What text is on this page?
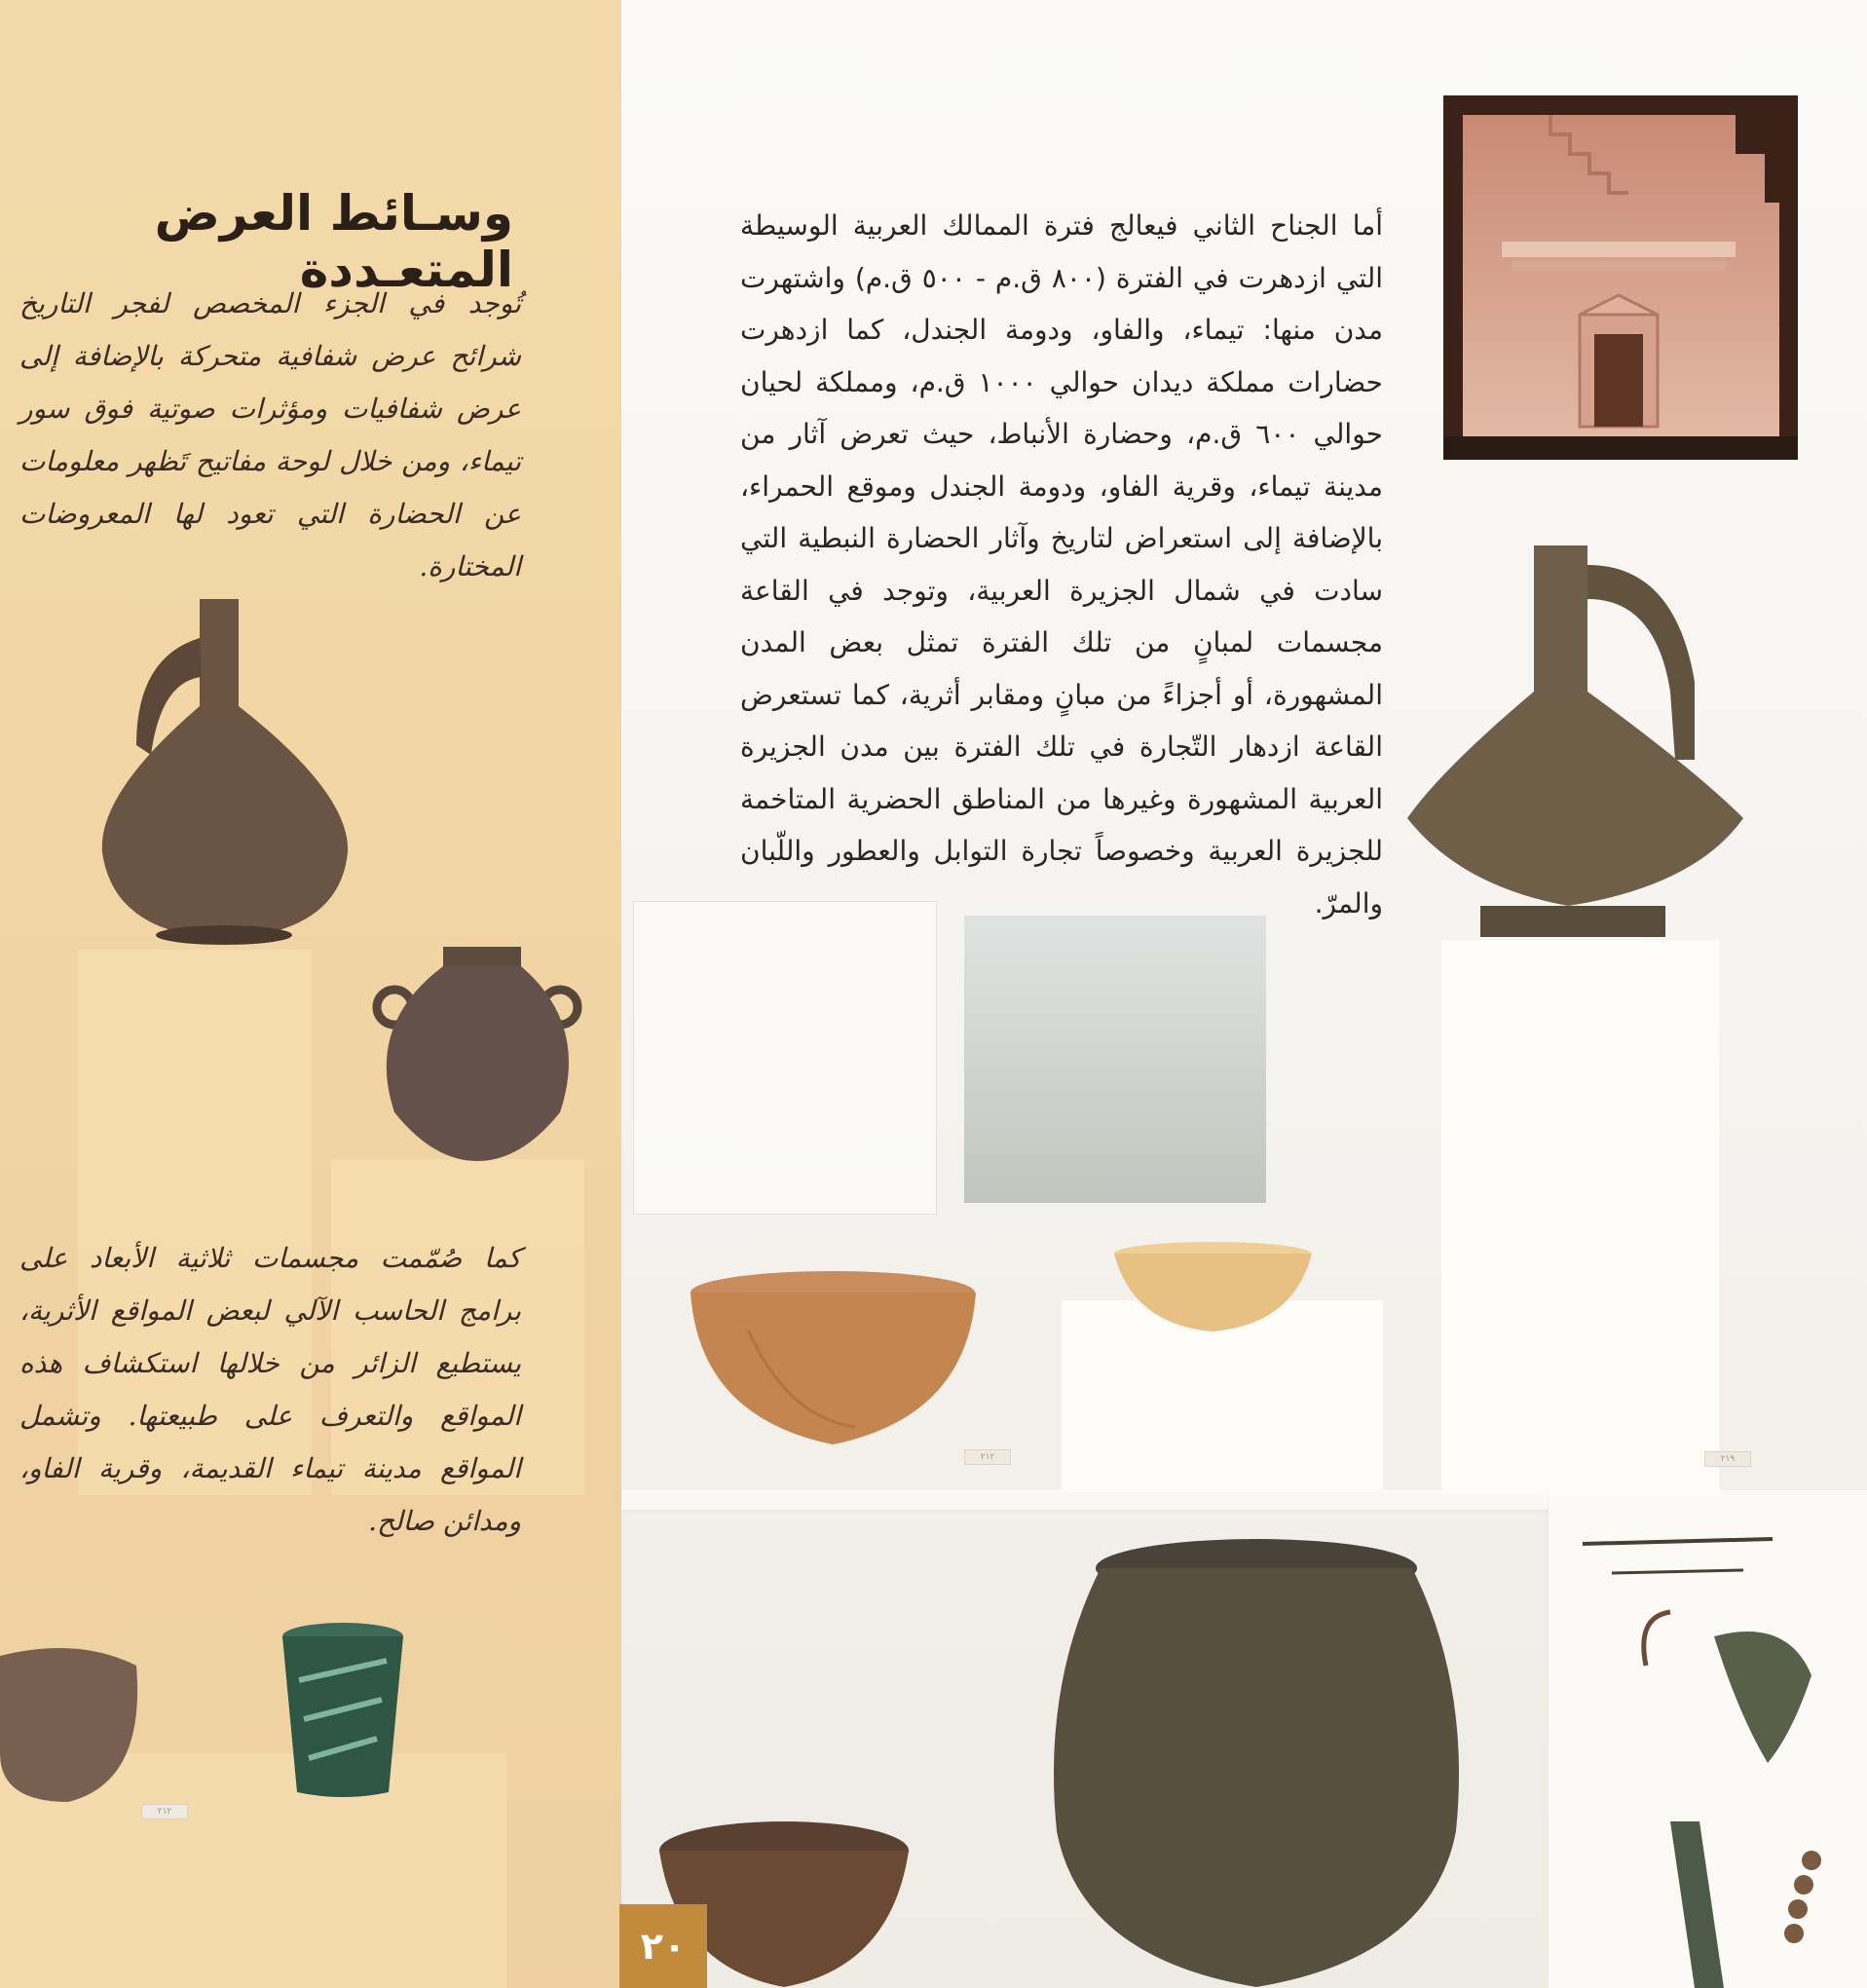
وسـائط العرض المتعـددة
تُوجد في الجزء المخصص لفجر التاريخ شرائح عرض شفافية متحركة بالإضافة إلى عرض شفافيات ومؤثرات صوتية فوق سور تيماء، ومن خلال لوحة مفاتيح تَظهر معلومات عن الحضارة التي تعود لها المعروضات المختارة.
كما صُمّمت مجسمات ثلاثية الأبعاد على برامج الحاسب الآلي لبعض المواقع الأثرية، يستطيع الزائر من خلالها استكشاف هذه المواقع والتعرف على طبيعتها. وتشمل المواقع مدينة تيماء القديمة، وقرية الفاو، ومدائن صالح.
أما الجناح الثاني فيعالج فترة الممالك العربية الوسيطة التي ازدهرت في الفترة (٨٠٠ ق.م - ٥٠٠ ق.م) واشتهرت مدن منها: تيماء، والفاو، ودومة الجندل، كما ازدهرت حضارات مملكة ديدان حوالي ١٠٠٠ ق.م، ومملكة لحيان حوالي ٦٠٠ ق.م، وحضارة الأنباط، حيث تعرض آثار من مدينة تيماء، وقرية الفاو، ودومة الجندل وموقع الحمراء، بالإضافة إلى استعراض لتاريخ وآثار الحضارة النبطية التي سادت في شمال الجزيرة العربية، وتوجد في القاعة مجسمات لمبانٍ من تلك الفترة تمثل بعض المدن المشهورة، أو أجزاءً من مبانٍ ومقابر أثرية، كما تستعرض القاعة ازدهار التّجارة في تلك الفترة بين مدن الجزيرة العربية المشهورة وغيرها من المناطق الحضرية المتاخمة للجزيرة العربية وخصوصاً تجارة التوابل والعطور واللّبان والمرّ.
٢١٢	٢١٩
٢١٢
٢٠
